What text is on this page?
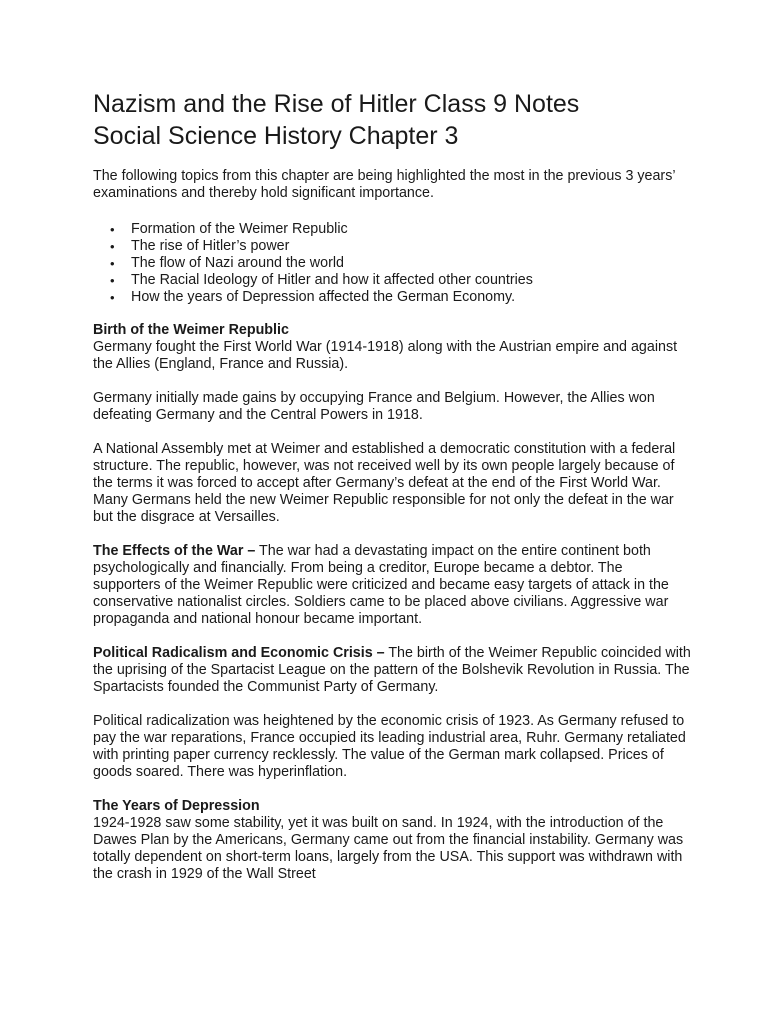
Nazism and the Rise of Hitler Class 9 Notes
Social Science History Chapter 3

The following topics from this chapter are being highlighted the most in the previous 3 years’ examinations and thereby hold significant importance.

• Formation of the Weimer Republic
• The rise of Hitler’s power
• The flow of Nazi around the world
• The Racial Ideology of Hitler and how it affected other countries
• How the years of Depression affected the German Economy.

Birth of the Weimer Republic
Germany fought the First World War (1914-1918) along with the Austrian empire and against the Allies (England, France and Russia).

Germany initially made gains by occupying France and Belgium. However, the Allies won defeating Germany and the Central Powers in 1918.

A National Assembly met at Weimer and established a democratic constitution with a federal structure. The republic, however, was not received well by its own people largely because of the terms it was forced to accept after Germany’s defeat at the end of the First World War. Many Germans held the new Weimer Republic responsible for not only the defeat in the war but the disgrace at Versailles.

The Effects of the War – The war had a devastating impact on the entire continent both psychologically and financially. From being a creditor, Europe became a debtor. The supporters of the Weimer Republic were criticized and became easy targets of attack in the conservative nationalist circles. Soldiers came to be placed above civilians. Aggressive war propaganda and national honour became important.

Political Radicalism and Economic Crisis – The birth of the Weimer Republic coincided with the uprising of the Spartacist League on the pattern of the Bolshevik Revolution in Russia. The Spartacists founded the Communist Party of Germany.

Political radicalization was heightened by the economic crisis of 1923. As Germany refused to pay the war reparations, France occupied its leading industrial area, Ruhr. Germany retaliated with printing paper currency recklessly. The value of the German mark collapsed. Prices of goods soared. There was hyperinflation.

The Years of Depression
1924-1928 saw some stability, yet it was built on sand. In 1924, with the introduction of the Dawes Plan by the Americans, Germany came out from the financial instability. Germany was totally dependent on short-term loans, largely from the USA. This support was withdrawn with the crash in 1929 of the Wall Street
